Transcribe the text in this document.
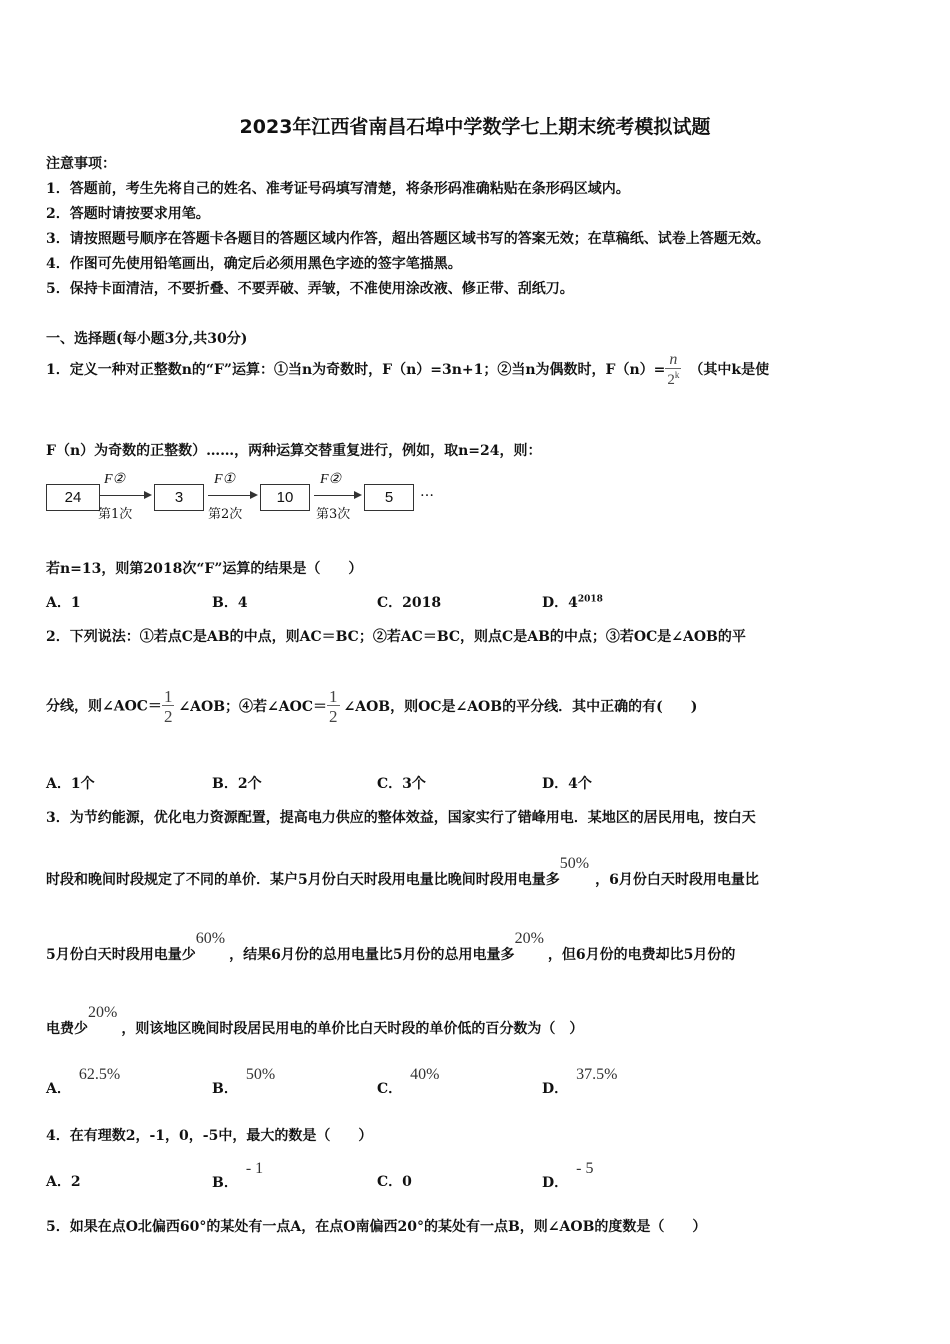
2023年江西省南昌石埠中学数学七上期末统考模拟试题
注意事项：
1．答题前，考生先将自己的姓名、准考证号码填写清楚，将条形码准确粘贴在条形码区域内。
2．答题时请按要求用笔。
3．请按照题号顺序在答题卡各题目的答题区域内作答，超出答题区域书写的答案无效；在草稿纸、试卷上答题无效。
4．作图可先使用铅笔画出，确定后必须用黑色字迹的签字笔描黑。
5．保持卡面清洁，不要折叠、不要弄破、弄皱，不准使用涂改液、修正带、刮纸刀。
一、选择题(每小题3分,共30分)
1．定义一种对正整数n的“F”运算：①当n为奇数时，F（n）=3n+1；②当n为偶数时，$F(n)= \frac{n}{2^k}$ （其中k是使
F（n）为奇数的正整数）……，两种运算交替重复进行，例如，取n=24，则：
24
F②
第1次
3
F①
第2次
10
F②
第3次
5	…
若n=13，则第2018次“F”运算的结果是（　　）
A．1	B．4	C．2018	D．$4^{2018}$
2．下列说法：①若点C是AB的中点，则AC＝BC；②若AC＝BC，则点C是AB的中点；③若OC是∠AOB的平
分线，则∠AOC＝ $\frac{1}{2}$ ∠AOB；④若∠AOC＝ $\frac{1}{2}$ ∠AOB，则OC是∠AOB的平分线．其中正确的有(　　)
A．1个	B．2个	C．3个	D．4个
3．为节约能源，优化电力资源配置，提高电力供应的整体效益，国家实行了错峰用电．某地区的居民用电，按白天
时段和晚间时段规定了不同的单价．某户5月份白天时段用电量比晚间时段用电量多50%，6月份白天时段用电量比
5月份白天时段用电量少60%，结果6月份的总用电量比5月份的总用电量多20%，但6月份的电费却比5月份的
电费少20%，则该地区晚间时段居民用电的单价比白天时段的单价低的百分数为（　）
A．62.5%
B．50%
C．40%
D．37.5%
4．在有理数2，-1，0，-5中，最大的数是（　　）
A．2	B．- 1
C．0	D．- 5
5．如果在点O北偏西60°的某处有一点A，在点O南偏西20°的某处有一点B，则∠AOB的度数是（　　）
